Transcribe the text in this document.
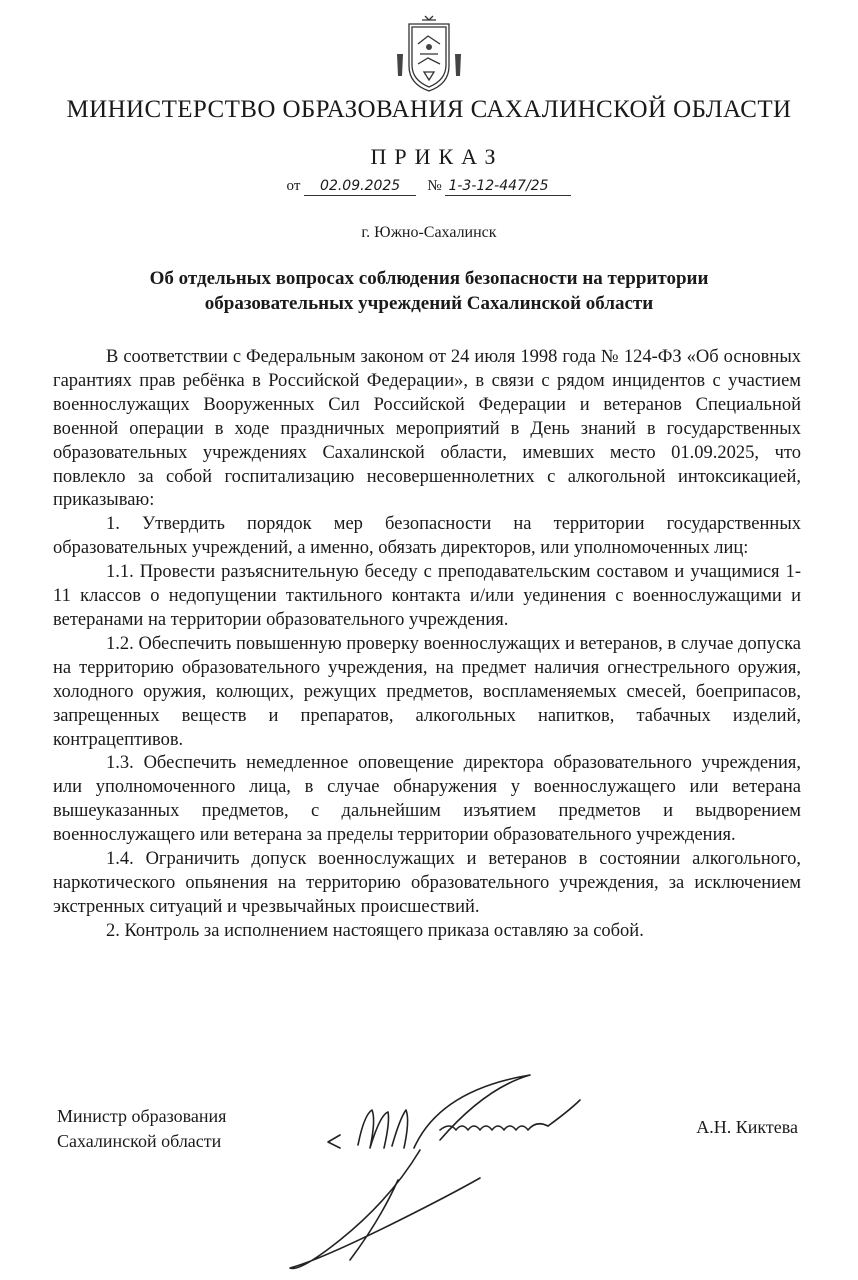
МИНИСТЕРСТВО ОБРАЗОВАНИЯ САХАЛИНСКОЙ ОБЛАСТИ
ПРИКАЗ
от 02.09.2025 № 1-3-12-447/25
г. Южно-Сахалинск
Об отдельных вопросах соблюдения безопасности на территории
образовательных учреждений Сахалинской области

В соответствии с Федеральным законом от 24 июля 1998 года № 124-ФЗ «Об основных гарантиях прав ребёнка в Российской Федерации», в связи с рядом инцидентов с участием военнослужащих Вооруженных Сил Российской Федерации и ветеранов Специальной военной операции в ходе праздничных мероприятий в День знаний в государственных образовательных учреждениях Сахалинской области, имевших место 01.09.2025, что повлекло за собой госпитализацию несовершеннолетних с алкогольной интоксикацией, приказываю:

1. Утвердить порядок мер безопасности на территории государственных образовательных учреждений, а именно, обязать директоров, или уполномоченных лиц:

1.1. Провести разъяснительную беседу с преподавательским составом и учащимися 1-11 классов о недопущении тактильного контакта и/или уединения с военнослужащими и ветеранами на территории образовательного учреждения.

1.2. Обеспечить повышенную проверку военнослужащих и ветеранов, в случае допуска на территорию образовательного учреждения, на предмет наличия огнестрельного оружия, холодного оружия, колющих, режущих предметов, воспламеняемых смесей, боеприпасов, запрещенных веществ и препаратов, алкогольных напитков, табачных изделий, контрацептивов.

1.3. Обеспечить немедленное оповещение директора образовательного учреждения, или уполномоченного лица, в случае обнаружения у военнослужащего или ветерана вышеуказанных предметов, с дальнейшим изъятием предметов и выдворением военнослужащего или ветерана за пределы территории образовательного учреждения.

1.4. Ограничить допуск военнослужащих и ветеранов в состоянии алкогольного, наркотического опьянения на территорию образовательного учреждения, за исключением экстренных ситуаций и чрезвычайных происшествий.

2. Контроль за исполнением настоящего приказа оставляю за собой.

Министр образования
Сахалинской области
А.Н. Киктева
